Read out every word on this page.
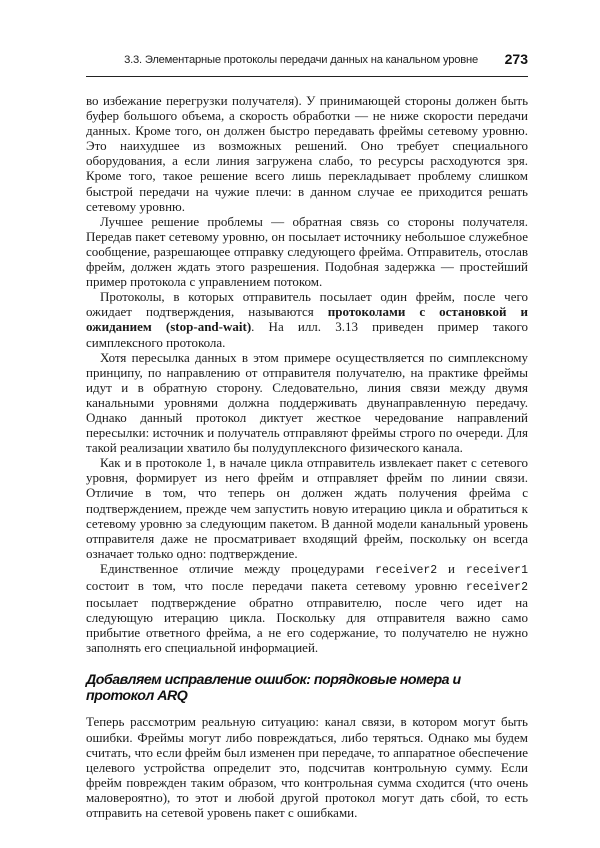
3.3. Элементарные протоколы передачи данных на канальном уровне 273

во избежание перегрузки получателя). У принимающей стороны должен быть буфер большого объема, а скорость обработки — не ниже скорости передачи данных. Кроме того, он должен быстро передавать фреймы сетевому уровню. Это наихудшее из возможных решений. Оно требует специального оборудования, а если линия загружена слабо, то ресурсы расходуются зря. Кроме того, такое решение всего лишь перекладывает проблему слишком быстрой передачи на чужие плечи: в данном случае ее приходится решать сетевому уровню.

Лучшее решение проблемы — обратная связь со стороны получателя. Передав пакет сетевому уровню, он посылает источнику небольшое служебное сообщение, разрешающее отправку следующего фрейма. Отправитель, отослав фрейм, должен ждать этого разрешения. Подобная задержка — простейший пример протокола с управлением потоком.

Протоколы, в которых отправитель посылает один фрейм, после чего ожидает подтверждения, называются протоколами с остановкой и ожиданием (stop-and-wait). На илл. 3.13 приведен пример такого симплексного протокола.

Хотя пересылка данных в этом примере осуществляется по симплексному принципу, по направлению от отправителя получателю, на практике фреймы идут и в обратную сторону. Следовательно, линия связи между двумя канальными уровнями должна поддерживать двунаправленную передачу. Однако данный протокол диктует жесткое чередование направлений пересылки: источник и получатель отправляют фреймы строго по очереди. Для такой реализации хватило бы полудуплексного физического канала.

Как и в протоколе 1, в начале цикла отправитель извлекает пакет с сетевого уровня, формирует из него фрейм и отправляет фрейм по линии связи. Отличие в том, что теперь он должен ждать получения фрейма с подтверждением, прежде чем запустить новую итерацию цикла и обратиться к сетевому уровню за следующим пакетом. В данной модели канальный уровень отправителя даже не просматривает входящий фрейм, поскольку он всегда означает только одно: подтверждение.

Единственное отличие между процедурами receiver2 и receiver1 состоит в том, что после передачи пакета сетевому уровню receiver2 посылает подтверждение обратно отправителю, после чего идет на следующую итерацию цикла. Поскольку для отправителя важно само прибытие ответного фрейма, а не его содержание, то получателю не нужно заполнять его специальной информацией.

Добавляем исправление ошибок: порядковые номера и протокол ARQ

Теперь рассмотрим реальную ситуацию: канал связи, в котором могут быть ошибки. Фреймы могут либо повреждаться, либо теряться. Однако мы будем считать, что если фрейм был изменен при передаче, то аппаратное обеспечение целевого устройства определит это, подсчитав контрольную сумму. Если фрейм поврежден таким образом, что контрольная сумма сходится (что очень маловероятно), то этот и любой другой протокол могут дать сбой, то есть отправить на сетевой уровень пакет с ошибками.
